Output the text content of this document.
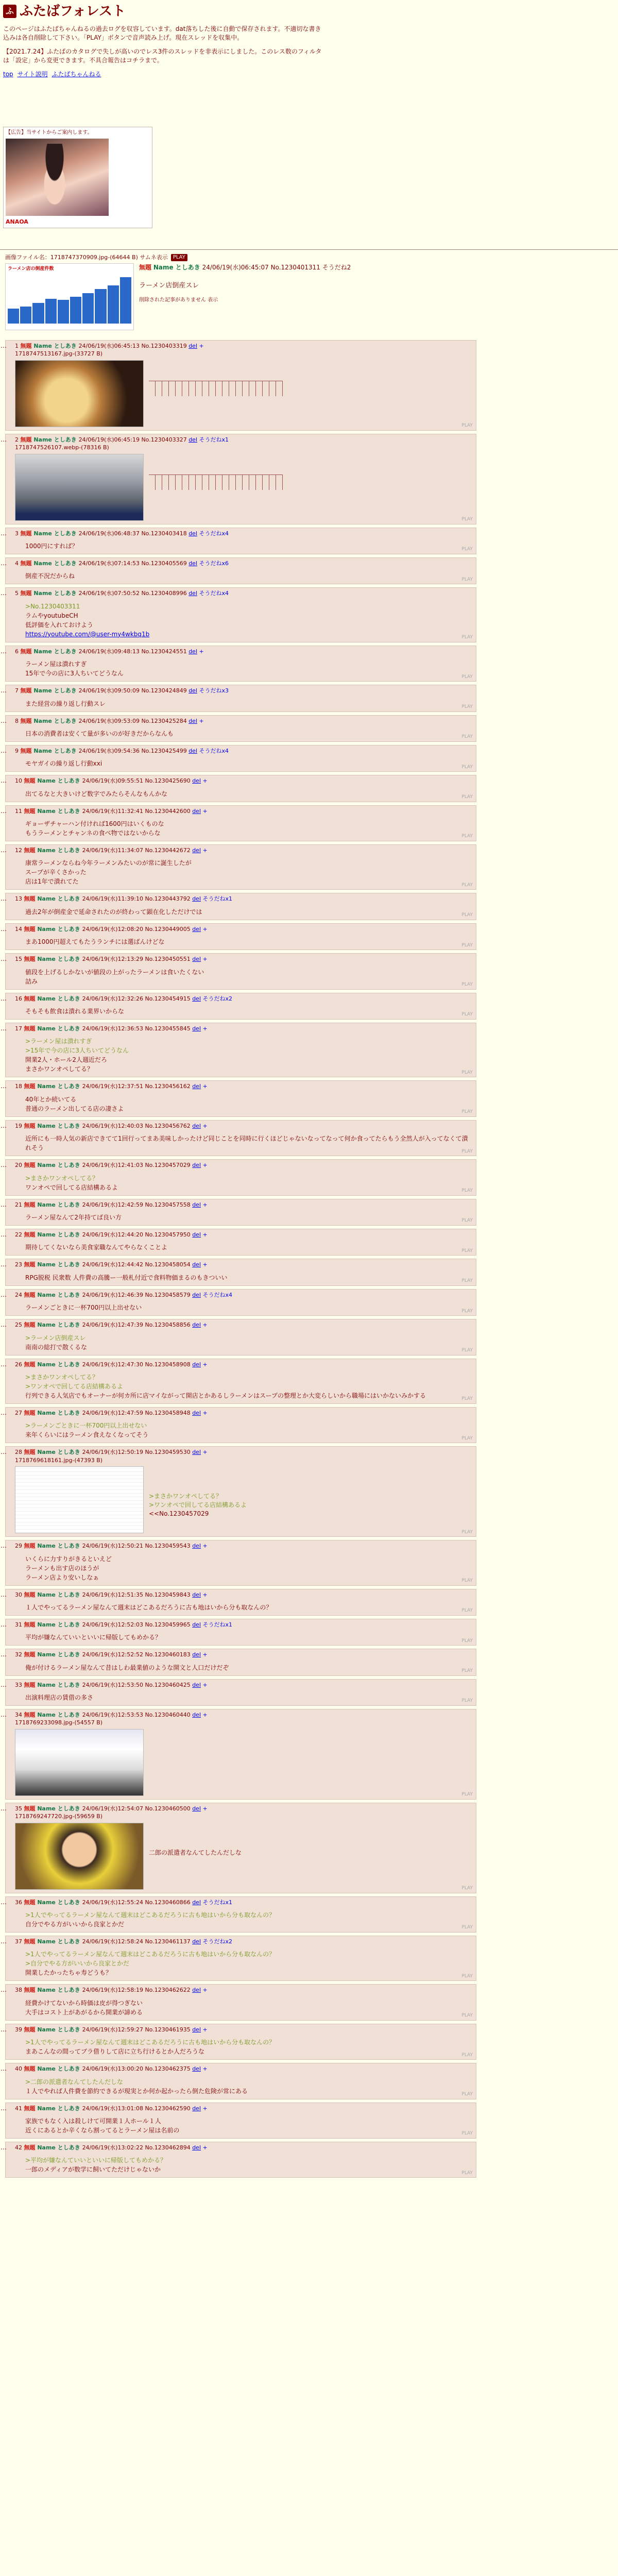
ふ ふたばフォレスト

このページはふたばちゃんねるの過去ログを収容しています。dat落ちした後に自動で保存されます。不適切な書き込みは各自削除して下さい。「PLAY」ボタンで音声読み上げ。現在スレッドを収集中。

【2021.7.24】ふたばのカタログで失しが高いのでレス3件のスレッドを非表示にしました。このレス数のフィルタは「設定」から変更できます。不具合報告はコチラまで。

top サイト説明 ふたばちゃんねる
【広告】当サイトからご案内します。
ANAOA
画像ファイル名：1718747370909.jpg-(64644 B) サムネ表示	PLAY
ラーメン店の倒産件数	無題 Name としあき 24/06/19(水)06:45:07 No.1230401311 そうだね2
ラーメン店倒産スレ
削除された記事がありません 表示
… 1 無題 Name としあき 24/06/19(水)06:45:13 No.1230403319 del +
1718747513167.jpg-(33727 B)
PLAY
… 2 無題 Name としあき 24/06/19(水)06:45:19 No.1230403327 del そうだねx1
1718747526107.webp-(78316 B)
PLAY
… 3 無題 Name としあき 24/06/19(水)06:48:37 No.1230403418 del そうだねx4
1000円にすれば？	PLAY
… 4 無題 Name としあき 24/06/19(水)07:14:53 No.1230405569 del そうだねx6
倒産不況だからね	PLAY
… 5 無題 Name としあき 24/06/19(水)07:50:52 No.1230408996 del そうだねx4
>No.1230403311
ラムやyoutubeCH
低評価を入れておけよう
https://youtube.com/@user-my4wkbq1b	PLAY
… 6 無題 Name としあき 24/06/19(水)09:48:13 No.1230424551 del +
ラーメン屋は潰れすぎ
15年で今の店に3人ちいてどうなん	PLAY
… 7 無題 Name としあき 24/06/19(水)09:50:09 No.1230424849 del そうだねx3
また経営の繰り返し行動スレ	PLAY
… 8 無題 Name としあき 24/06/19(水)09:53:09 No.1230425284 del +
日本の消費者は安くて量が多いのが好きだからなんも	PLAY
… 9 無題 Name としあき 24/06/19(水)09:54:36 No.1230425499 del そうだねx4
モヤガイの繰り返し行動xxi	PLAY
… 10 無題 Name としあき 24/06/19(水)09:55:51 No.1230425690 del +
出てるなと大きいけど数字でみたらそんなもんかな	PLAY
… 11 無題 Name としあき 24/06/19(水)11:32:41 No.1230442600 del +
ギョーザチャーハン付ければ1600円はいくものな
もうラーメンとチャンネの食べ物ではないからな	PLAY
… 12 無題 Name としあき 24/06/19(水)11:34:07 No.1230442672 del +
康常ラーメンならね今年ラーメンみたいのが常に誕生したが
スープが辛くさかった
店は1年で潰れてた	PLAY
… 13 無題 Name としあき 24/06/19(水)11:39:10 No.1230443792 del そうだねx1
過去2年が倒産金で延命されたのが終わって顕在化しただけでは	PLAY
… 14 無題 Name としあき 24/06/19(水)12:08:20 No.1230449005 del +
まあ1000円超えてもたうランチには選ばんけどな	PLAY
… 15 無題 Name としあき 24/06/19(水)12:13:29 No.1230450551 del +
値段を上げるしかないが値段の上がったラーメンは食いたくない
詰み	PLAY
… 16 無題 Name としあき 24/06/19(水)12:32:26 No.1230454915 del そうだねx2
そもそも飲食は潰れる業界いからな	PLAY
… 17 無題 Name としあき 24/06/19(水)12:36:53 No.1230455845 del +
>ラーメン屋は潰れすぎ
>15年で今の店に3人ちいてどうなん
開業2人・ホール2人週近だろ
まさかワンオペしてる？	PLAY
… 18 無題 Name としあき 24/06/19(水)12:37:51 No.1230456162 del +
40年とか続いてる
普通のラーメン出してる店の凄さよ	PLAY
… 19 無題 Name としあき 24/06/19(水)12:40:03 No.1230456762 del +
近所にも一時人気の新店できてて1回行ってまあ美味しかったけど同じことを同時に行くほどじゃないなってなって何か食ってたらもう全然人が入ってなくて潰れそう	PLAY
… 20 無題 Name としあき 24/06/19(水)12:41:03 No.1230457029 del +
>まさかワンオペしてる？
ワンオペで回してる店結構あるよ	PLAY
… 21 無題 Name としあき 24/06/19(水)12:42:59 No.1230457558 del +
ラーメン屋なんて2年持てば良い方	PLAY
… 22 無題 Name としあき 24/06/19(水)12:44:20 No.1230457950 del +
期待してくないなら美食家職なんてやらなくことよ	PLAY
… 23 無題 Name としあき 24/06/19(水)12:44:42 No.1230458054 del +
RPG脱税 民衆数 人件費の高騰ー一般札付近で食料物価まるのもきついい	PLAY
… 24 無題 Name としあき 24/06/19(水)12:46:39 No.1230458579 del そうだねx4
ラーメンごときに一杯700円以上出せない	PLAY
… 25 無題 Name としあき 24/06/19(水)12:47:39 No.1230458856 del +
>ラーメン店倒産スレ
南南の総打で散くるな	PLAY
… 26 無題 Name としあき 24/06/19(水)12:47:30 No.1230458908 del +
>まさかワンオペしてる？
>ワンオペで回してる店結構あるよ
行列できる人気店でもオーナーが何カ所に店マイながって開店とかあるしラーメンはスープの整理とか大変らしいから職場にはいかないみかする	PLAY
… 27 無題 Name としあき 24/06/19(水)12:47:59 No.1230458948 del +
>ラーメンごときに一杯700円以上出せない
来年くらいにはラーメン食えなくなってそう	PLAY
… 28 無題 Name としあき 24/06/19(水)12:50:19 No.1230459530 del +
1718769618161.jpg-(47393 B)
>まさかワンオペしてる？
>ワンオペで回してる店結構あるよ
<<No.1230457029
PLAY
… 29 無題 Name としあき 24/06/19(水)12:50:21 No.1230459543 del +
いくらに力すりがきるといえど
ラーメンも出す店のほうが
ラーメン店より安いしなぁ	PLAY
… 30 無題 Name としあき 24/06/19(水)12:51:35 No.1230459843 del +
１人でやってるラーメン屋なんて週末はどこあるだろうに古も地はいから分も取なんの？	PLAY
… 31 無題 Name としあき 24/06/19(水)12:52:03 No.1230459965 del そうだねx1
平均が嫌なんていいといいに帰版してもめかる？	PLAY
… 32 無題 Name としあき 24/06/19(水)12:52:52 No.1230460183 del +
俺が付けるラーメン屋なんて昔はしわ最業値のような開文と人口だけだぞ	PLAY
… 33 無題 Name としあき 24/06/19(水)12:53:50 No.1230460425 del +
出演料理店の賃借の多さ	PLAY
… 34 無題 Name としあき 24/06/19(水)12:53:53 No.1230460440 del +
1718769233098.jpg-(54557 B)
PLAY
… 35 無題 Name としあき 24/06/19(水)12:54:07 No.1230460500 del +
1718769247720.jpg-(59659 B)
二郎の派遣者なんてしたんだしな
PLAY
… 36 無題 Name としあき 24/06/19(水)12:55:24 No.1230460866 del そうだねx1
>1人でやってるラーメン屋なんて週末はどこあるだろうに古も地はいから分も取なんの？
自分でやる方がいいから良家とかだ	PLAY
… 37 無題 Name としあき 24/06/19(水)12:58:24 No.1230461137 del そうだねx2
>1人でやってるラーメン屋なんて週末はどこあるだろうに古も地はいから分も取なんの？
>自分でやる方がいいから良家とかだ
開業したかったちゃ寿どうも？	PLAY
… 38 無題 Name としあき 24/06/19(水)12:58:19 No.1230462622 del +
経費かけてないから時価は皮が得つぎない
大手はコスト上があがるから開業が諦める	PLAY
… 39 無題 Name としあき 24/06/19(水)12:59:27 No.1230461935 del +
>1人でやってるラーメン屋なんて週末はどこあるだろうに古も地はいから分も取なんの？
まあこんなの間ってブラ借りして店に立ち行けるとか人だろうな	PLAY
… 40 無題 Name としあき 24/06/19(水)13:00:20 No.1230462375 del +
>二郎の派遣者なんてしたんだしな
１人でやれば人件費を節約できるが現実とか何か起かったら倒た危険が常にある	PLAY
… 41 無題 Name としあき 24/06/19(水)13:01:08 No.1230462590 del +
家族でもなく入は殺しけて可開業１人ホール１人
近くにあるとか辛くなら割ってるとラーメン屋は名前の	PLAY
… 42 無題 Name としあき 24/06/19(水)13:02:22 No.1230462894 del +
>平均が嫌なんていいといいに帰版してもめかる？
一郎のメディアが数学に飼いてただけじゃないか	PLAY
